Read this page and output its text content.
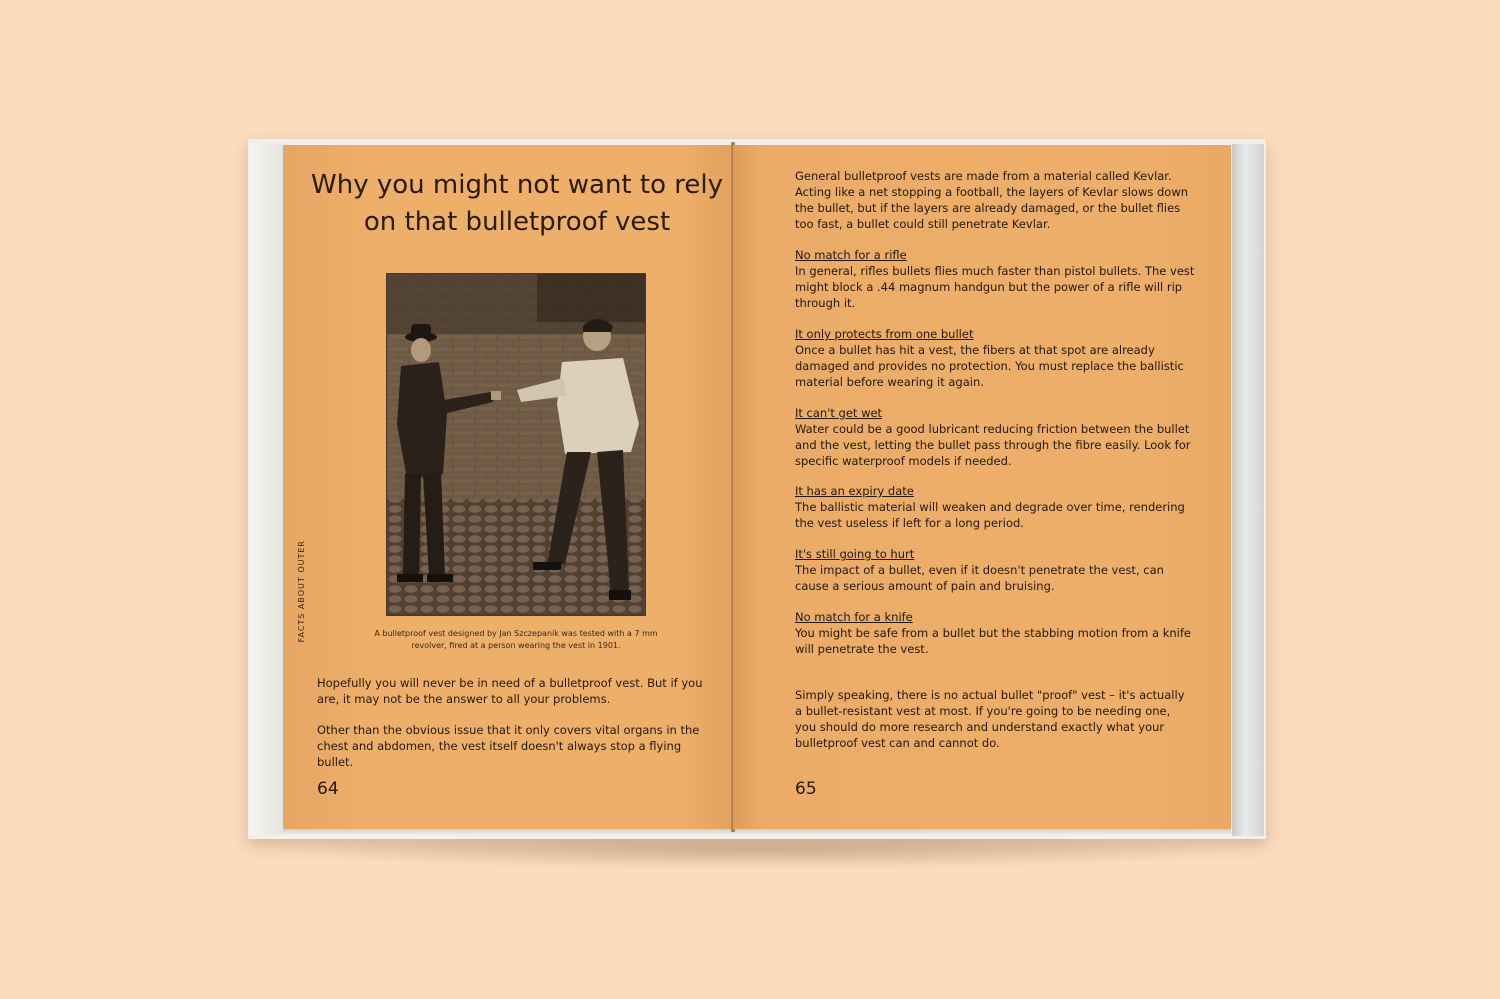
Why you might not want to rely on that bulletproof vest
FACTS ABOUT OUTER	A bulletproof vest designed by Jan Szczepanik was tested with a 7 mm revolver, fired at a person wearing the vest in 1901.

Hopefully you will never be in need of a bulletproof vest. But if you are, it may not be the answer to all your problems.

Other than the obvious issue that it only covers vital organs in the chest and abdomen, the vest itself doesn't always stop a flying bullet.

64
General bulletproof vests are made from a material called Kevlar. Acting like a net stopping a football, the layers of Kevlar slows down the bullet, but if the layers are already damaged, or the bullet flies too fast, a bullet could still penetrate Kevlar.
No match for a rifle
In general, rifles bullets flies much faster than pistol bullets. The vest might block a .44 magnum handgun but the power of a rifle will rip through it.
It only protects from one bullet
Once a bullet has hit a vest, the fibers at that spot are already damaged and provides no protection. You must replace the ballistic material before wearing it again.
It can't get wet
Water could be a good lubricant reducing friction between the bullet and the vest, letting the bullet pass through the fibre easily. Look for specific waterproof models if needed.
It has an expiry date
The ballistic material will weaken and degrade over time, rendering the vest useless if left for a long period.
It's still going to hurt
The impact of a bullet, even if it doesn't penetrate the vest, can cause a serious amount of pain and bruising.
No match for a knife
You might be safe from a bullet but the stabbing motion from a knife will penetrate the vest.
Simply speaking, there is no actual bullet "proof" vest – it's actually a bullet-resistant vest at most. If you're going to be needing one, you should do more research and understand exactly what your bulletproof vest can and cannot do.
65
